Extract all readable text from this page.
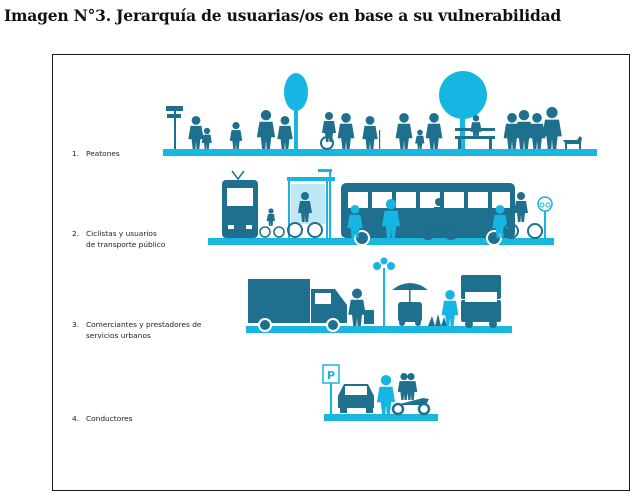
Imagen N°3. Jerarquía de usuarias/os en base a su vulnerabilidad
1. Peatones
2. Ciclistas y usuarios
de transporte público
3. Comerciantes y prestadores de
servicios urbanos
4. Conductores
P
